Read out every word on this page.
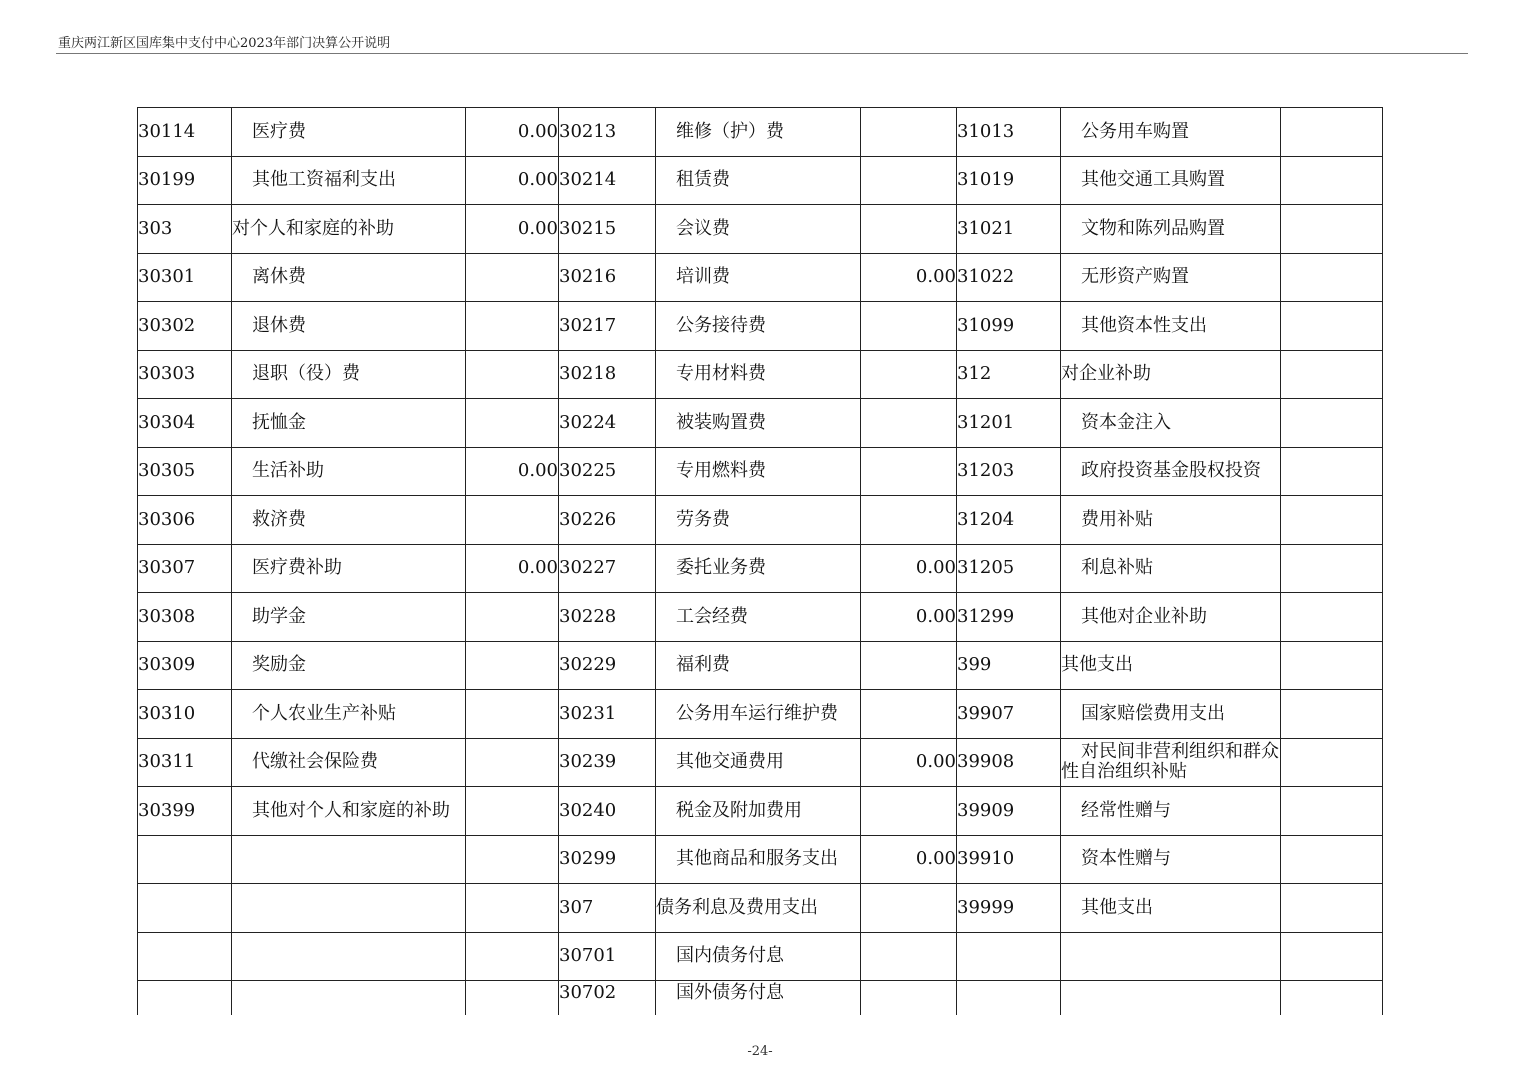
重庆两江新区国库集中支付中心2023年部门决算公开说明
30114	医疗费	0.00	30213	维修（护）费		31013	公务用车购置	
30199	其他工资福利支出	0.00	30214	租赁费		31019	其他交通工具购置	
303	对个人和家庭的补助	0.00	30215	会议费		31021	文物和陈列品购置	
30301	离休费		30216	培训费	0.00	31022	无形资产购置	
30302	退休费		30217	公务接待费		31099	其他资本性支出	
30303	退职（役）费		30218	专用材料费		312	对企业补助	
30304	抚恤金		30224	被装购置费		31201	资本金注入	
30305	生活补助	0.00	30225	专用燃料费		31203	政府投资基金股权投资	
30306	救济费		30226	劳务费		31204	费用补贴	
30307	医疗费补助	0.00	30227	委托业务费	0.00	31205	利息补贴	
30308	助学金		30228	工会经费	0.00	31299	其他对企业补助	
30309	奖励金		30229	福利费		399	其他支出	
30310	个人农业生产补贴		30231	公务用车运行维护费		39907	国家赔偿费用支出	
30311	代缴社会保险费		30239	其他交通费用	0.00	39908	对民间非营利组织和群众性自治组织补贴	
30399	其他对个人和家庭的补助		30240	税金及附加费用		39909	经常性赠与	
			30299	其他商品和服务支出	0.00	39910	资本性赠与	
			307	债务利息及费用支出		39999	其他支出	
			30701	国内债务付息				
			30702	国外债务付息				
-24-
